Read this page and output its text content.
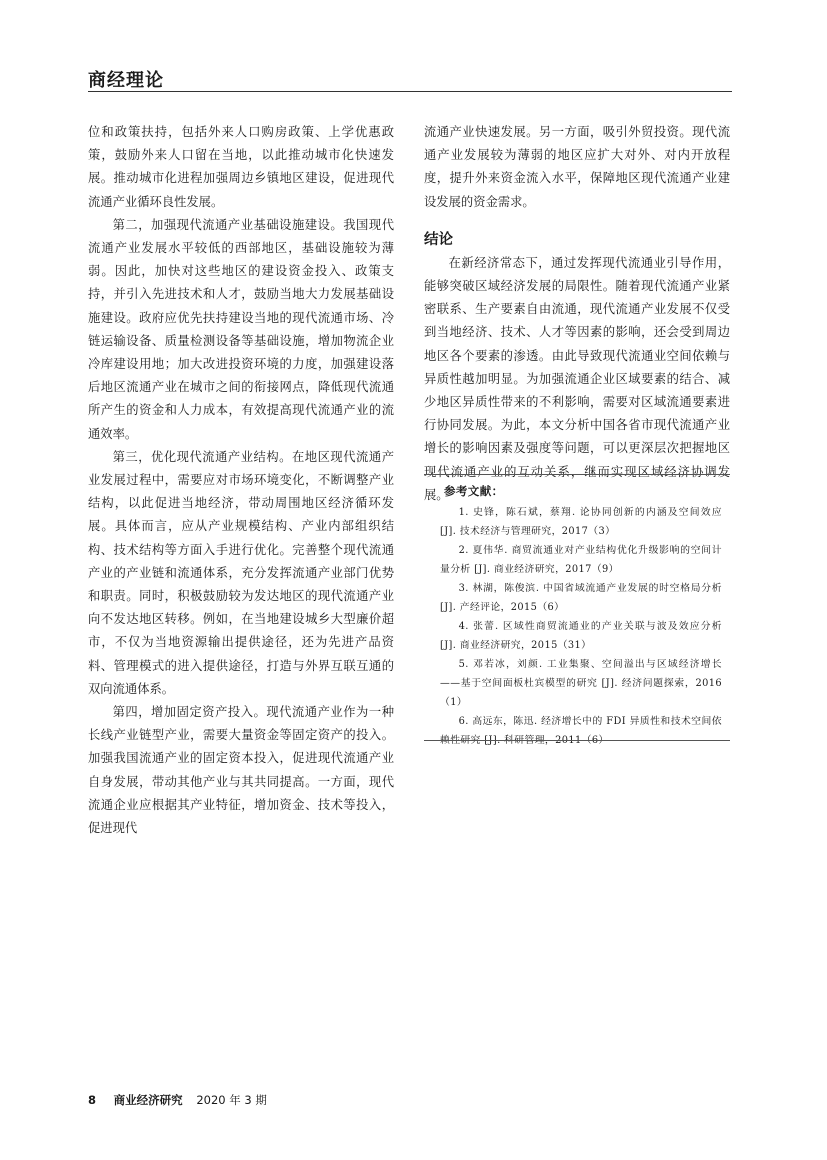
商经理论

位和政策扶持，包括外来人口购房政策、上学优惠政策，鼓励外来人口留在当地，以此推动城市化快速发展。推动城市化进程加强周边乡镇地区建设，促进现代流通产业循环良性发展。

第二，加强现代流通产业基础设施建设。我国现代流通产业发展水平较低的西部地区，基础设施较为薄弱。因此，加快对这些地区的建设资金投入、政策支持，并引入先进技术和人才，鼓励当地大力发展基础设施建设。政府应优先扶持建设当地的现代流通市场、冷链运输设备、质量检测设备等基础设施，增加物流企业冷库建设用地；加大改进投资环境的力度，加强建设落后地区流通产业在城市之间的衔接网点，降低现代流通所产生的资金和人力成本，有效提高现代流通产业的流通效率。

第三，优化现代流通产业结构。在地区现代流通产业发展过程中，需要应对市场环境变化，不断调整产业结构，以此促进当地经济，带动周围地区经济循环发展。具体而言，应从产业规模结构、产业内部组织结构、技术结构等方面入手进行优化。完善整个现代流通产业的产业链和流通体系，充分发挥流通产业部门优势和职责。同时，积极鼓励较为发达地区的现代流通产业向不发达地区转移。例如，在当地建设城乡大型廉价超市，不仅为当地资源输出提供途径，还为先进产品资料、管理模式的进入提供途径，打造与外界互联互通的双向流通体系。

第四，增加固定资产投入。现代流通产业作为一种长线产业链型产业，需要大量资金等固定资产的投入。加强我国流通产业的固定资本投入，促进现代流通产业自身发展，带动其他产业与其共同提高。一方面，现代流通企业应根据其产业特征，增加资金、技术等投入，促进现代

流通产业快速发展。另一方面，吸引外贸投资。现代流通产业发展较为薄弱的地区应扩大对外、对内开放程度，提升外来资金流入水平，保障地区现代流通产业建设发展的资金需求。

结论

在新经济常态下，通过发挥现代流通业引导作用，能够突破区域经济发展的局限性。随着现代流通产业紧密联系、生产要素自由流通，现代流通产业发展不仅受到当地经济、技术、人才等因素的影响，还会受到周边地区各个要素的渗透。由此导致现代流通业空间依赖与异质性越加明显。为加强流通企业区域要素的结合、减少地区异质性带来的不利影响，需要对区域流通要素进行协同发展。为此，本文分析中国各省市现代流通产业增长的影响因素及强度等问题，可以更深层次把握地区现代流通产业的互动关系，继而实现区域经济协调发展。

参考文献：
1. 史锋，陈石斌，蔡翔. 论协同创新的内涵及空间效应 [J]. 技术经济与管理研究，2017（3）
2. 夏伟华. 商贸流通业对产业结构优化升级影响的空间计量分析 [J]. 商业经济研究，2017（9）
3. 林湖，陈俊滨. 中国省域流通产业发展的时空格局分析 [J]. 产经评论，2015（6）
4. 张蕾. 区域性商贸流通业的产业关联与波及效应分析 [J]. 商业经济研究，2015（31）
5. 邓若冰，刘颜. 工业集聚、空间溢出与区域经济增长——基于空间面板杜宾模型的研究 [J]. 经济问题探索，2016（1）
6. 高远东，陈迅. 经济增长中的 FDI 异质性和技术空间依赖性研究 [J]. 科研管理，2011（6）
8 商业经济研究 2020 年 3 期
